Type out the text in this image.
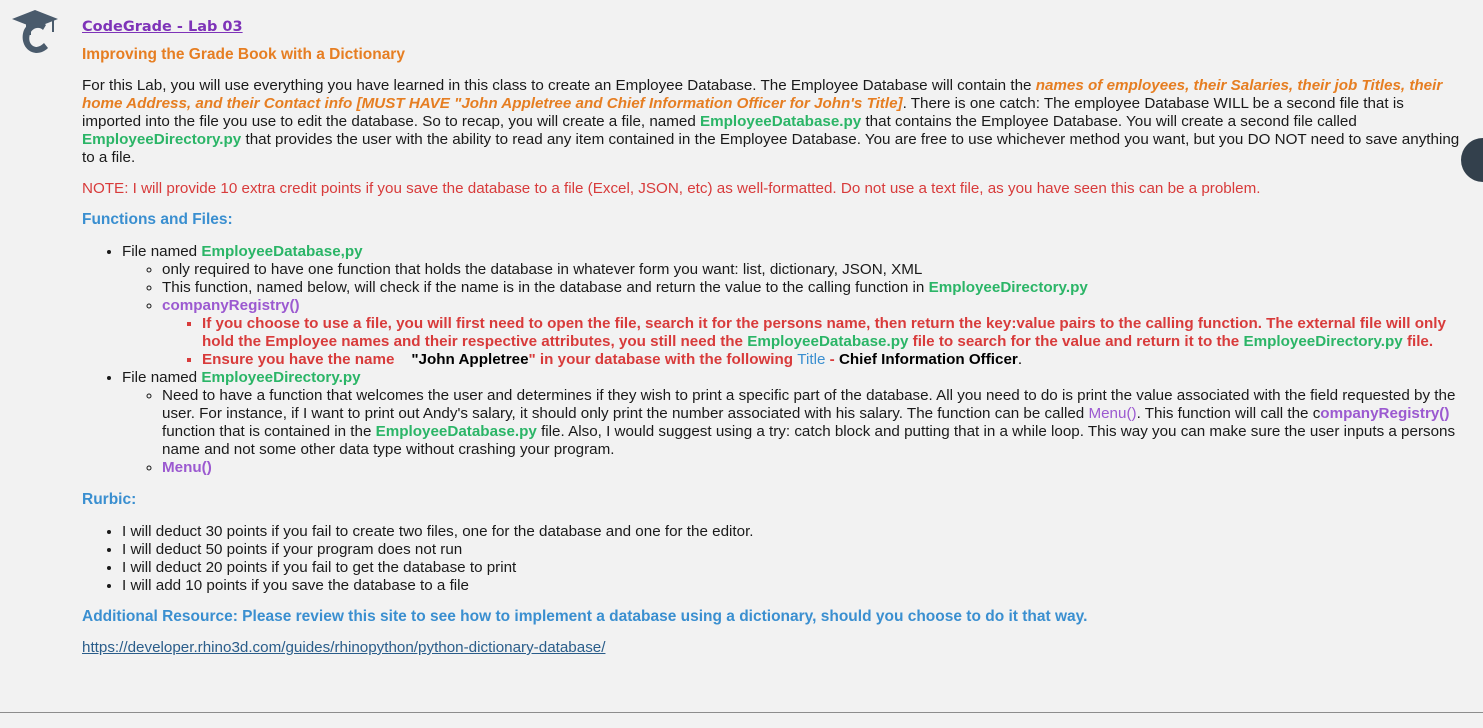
CodeGrade - Lab 03
Improving the Grade Book with a Dictionary

For this Lab, you will use everything you have learned in this class to create an Employee Database. The Employee Database will contain the names of employees, their Salaries, their job Titles, their home Address, and their Contact info [MUST HAVE "John Appletree and Chief Information Officer for John's Title]. There is one catch: The employee Database WILL be a second file that is imported into the file you use to edit the database. So to recap, you will create a file, named EmployeeDatabase.py that contains the Employee Database. You will create a second file called EmployeeDirectory.py that provides the user with the ability to read any item contained in the Employee Database. You are free to use whichever method you want, but you DO NOT need to save anything to a file.

NOTE: I will provide 10 extra credit points if you save the database to a file (Excel, JSON, etc) as well-formatted. Do not use a text file, as you have seen this can be a problem.

Functions and Files:
• File named EmployeeDatabase,py
◦ only required to have one function that holds the database in whatever form you want: list, dictionary, JSON, XML
◦ This function, named below, will check if the name is in the database and return the value to the calling function in EmployeeDirectory.py
◦ companyRegistry()
▪ If you choose to use a file, you will first need to open the file, search it for the persons name, then return the key:value pairs to the calling function. The external file will only hold the Employee names and their respective attributes, you still need the EmployeeDatabase.py file to search for the value and return it to the EmployeeDirectory.py file.
▪ Ensure you have the name    "John Appletree" in your database with the following Title - Chief Information Officer.
• File named EmployeeDirectory.py
◦ Need to have a function that welcomes the user and determines if they wish to print a specific part of the database. All you need to do is print the value associated with the field requested by the user. For instance, if I want to print out Andy's salary, it should only print the number associated with his salary. The function can be called Menu(). This function will call the companyRegistry() function that is contained in the EmployeeDatabase.py file. Also, I would suggest using a try: catch block and putting that in a while loop. This way you can make sure the user inputs a persons name and not some other data type without crashing your program.
◦ Menu()
Rurbic:
• I will deduct 30 points if you fail to create two files, one for the database and one for the editor.
• I will deduct 50 points if your program does not run
• I will deduct 20 points if you fail to get the database to print
• I will add 10 points if you save the database to a file
Additional Resource: Please review this site to see how to implement a database using a dictionary, should you choose to do it that way.
https://developer.rhino3d.com/guides/rhinopython/python-dictionary-database/
